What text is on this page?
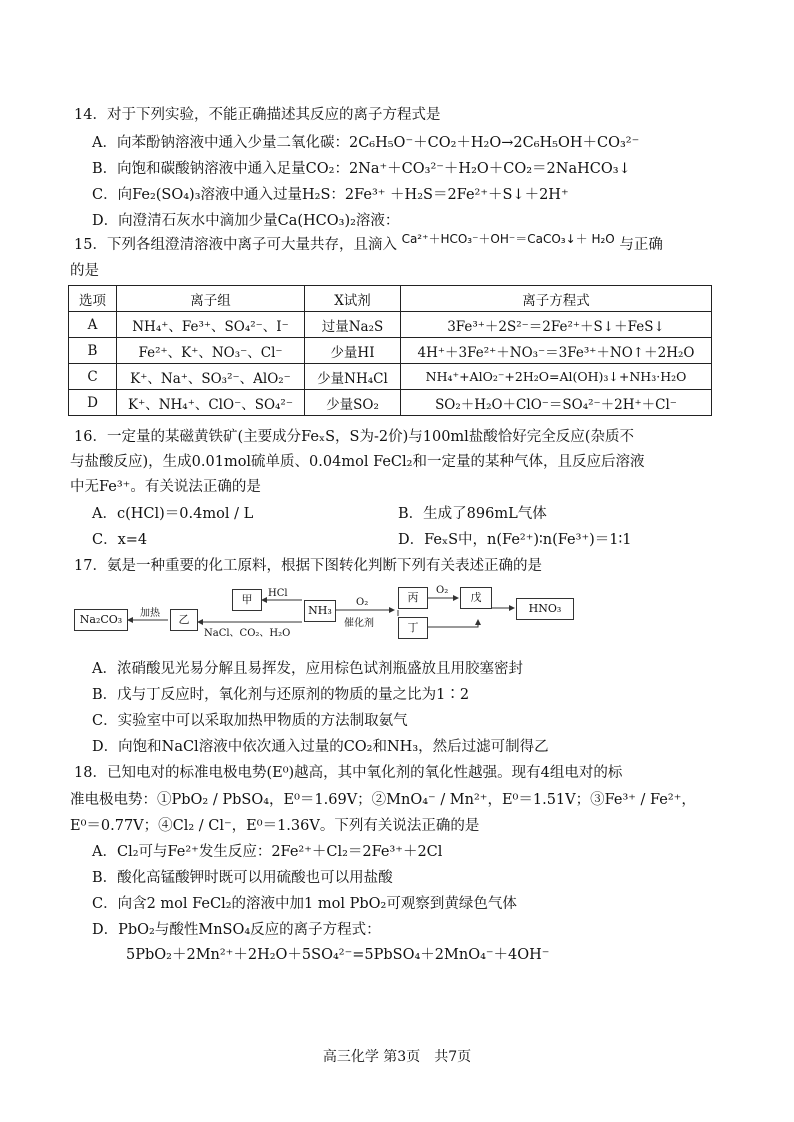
14．对于下列实验，不能正确描述其反应的离子方程式是
A．向苯酚钠溶液中通入少量二氧化碳：2C₆H₅O⁻＋CO₂＋H₂O→2C₆H₅OH＋CO₃²⁻
B．向饱和碳酸钠溶液中通入足量CO₂：2Na⁺＋CO₃²⁻＋H₂O＋CO₂＝2NaHCO₃↓
C．向Fe₂(SO₄)₃溶液中通入过量H₂S：2Fe³⁺ ＋H₂S＝2Fe²⁺＋S↓＋2H⁺
D．向澄清石灰水中滴加少量Ca(HCO₃)₂溶液：
15．下列各组澄清溶液中离子可大量共存，且滴入 $^{Ca^{2+}+HCO_3^-+OH^-=CaCO_3↓+ H_2O}$ 与正确
的是
选项	离子组	X试剂	离子方程式
A	NH₄⁺、Fe³⁺、SO₄²⁻、I⁻	过量Na₂S	3Fe³⁺＋2S²⁻＝2Fe²⁺＋S↓＋FeS↓
B	Fe²⁺、K⁺、NO₃⁻、Cl⁻	少量HI	4H⁺＋3Fe²⁺＋NO₃⁻＝3Fe³⁺＋NO↑＋2H₂O
C	K⁺、Na⁺、SO₃²⁻、AlO₂⁻	少量NH₄Cl	NH₄⁺+AlO₂⁻+2H₂O=Al(OH)₃↓+NH₃·H₂O
D	K⁺、NH₄⁺、ClO⁻、SO₄²⁻	少量SO₂	SO₂＋H₂O＋ClO⁻＝SO₄²⁻＋2H⁺＋Cl⁻
16．一定量的某磁黄铁矿(主要成分FeₓS，S为-2价)与100ml盐酸恰好完全反应(杂质不
与盐酸反应)，生成0.01mol硫单质、0.04mol FeCl₂和一定量的某种气体，且反应后溶液
中无Fe³⁺。有关说法正确的是
A．c(HCl)＝0.4mol / L	B．生成了896mL气体
C．x=4	D．FeₓS中，n(Fe²⁺)∶n(Fe³⁺)＝1∶1
17．氨是一种重要的化工原料，根据下图转化判断下列有关表述正确的是
Na₂CO₃	乙
甲
NH₃
丙	戊
丁
HNO₃
加热
HCl
NaCl、CO₂、H₂O
O₂
O₂
催化剂
A．浓硝酸见光易分解且易挥发，应用棕色试剂瓶盛放且用胶塞密封
B．戊与丁反应时，氧化剂与还原剂的物质的量之比为1∶2
C．实验室中可以采取加热甲物质的方法制取氨气
D．向饱和NaCl溶液中依次通入过量的CO₂和NH₃，然后过滤可制得乙
18．已知电对的标准电极电势(E⁰)越高，其中氧化剂的氧化性越强。现有4组电对的标
准电极电势：①PbO₂ / PbSO₄，E⁰＝1.69V；②MnO₄⁻ / Mn²⁺，E⁰＝1.51V；③Fe³⁺ / Fe²⁺，
E⁰＝0.77V；④Cl₂ / Cl⁻，E⁰＝1.36V。下列有关说法正确的是
A．Cl₂可与Fe²⁺发生反应：2Fe²⁺＋Cl₂＝2Fe³⁺＋2Cl
B．酸化高锰酸钾时既可以用硫酸也可以用盐酸
C．向含2 mol FeCl₂的溶液中加1 mol PbO₂可观察到黄绿色气体
D．PbO₂与酸性MnSO₄反应的离子方程式：
5PbO₂＋2Mn²⁺＋2H₂O＋5SO₄²⁻=5PbSO₄＋2MnO₄⁻＋4OH⁻
高三化学 第3页　共7页
